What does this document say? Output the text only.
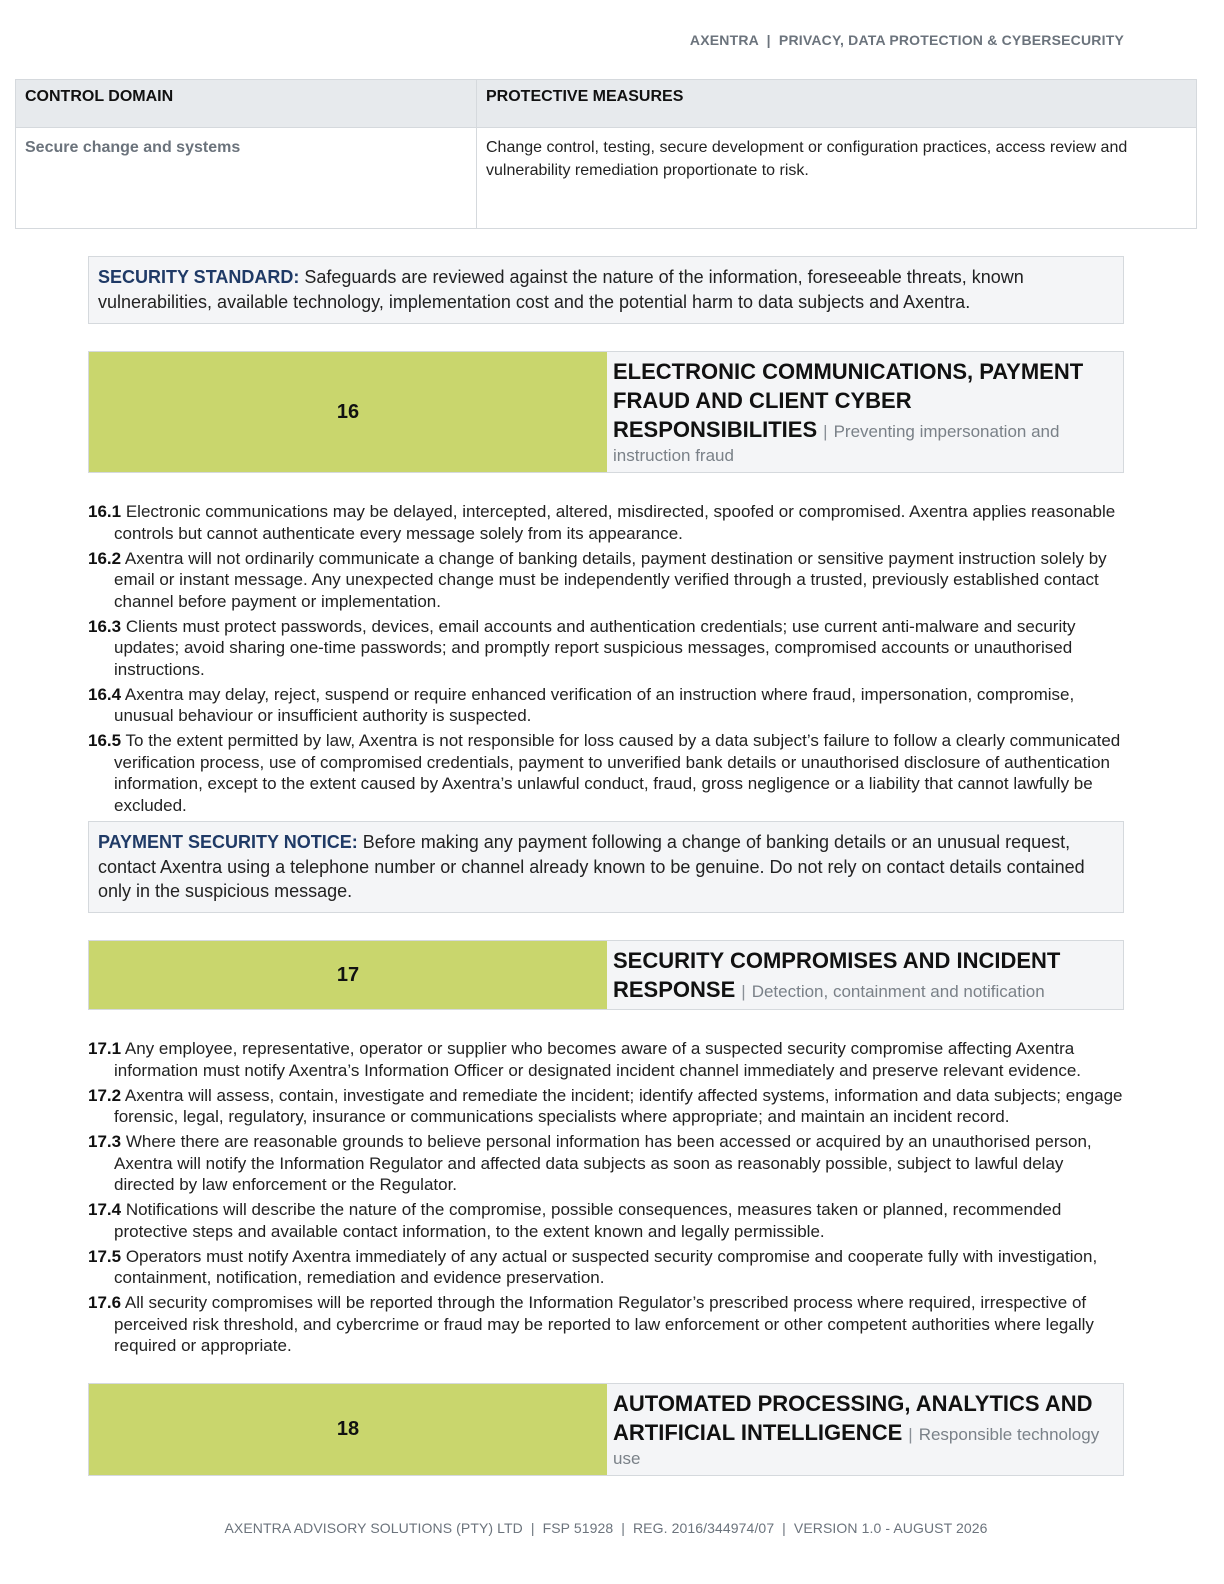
AXENTRA  |  PRIVACY, DATA PROTECTION & CYBERSECURITY
CONTROL DOMAIN	PROTECTIVE MEASURES
Secure change and systems	Change control, testing, secure development or configuration practices, access review and vulnerability remediation proportionate to risk.
SECURITY STANDARD: Safeguards are reviewed against the nature of the information, foreseeable threats, known vulnerabilities, available technology, implementation cost and the potential harm to data subjects and Axentra.
16
ELECTRONIC COMMUNICATIONS, PAYMENT FRAUD AND CLIENT CYBER RESPONSIBILITIES | Preventing impersonation and instruction fraud
16.1 Electronic communications may be delayed, intercepted, altered, misdirected, spoofed or compromised. Axentra applies reasonable controls but cannot authenticate every message solely from its appearance.
16.2 Axentra will not ordinarily communicate a change of banking details, payment destination or sensitive payment instruction solely by email or instant message. Any unexpected change must be independently verified through a trusted, previously established contact channel before payment or implementation.
16.3 Clients must protect passwords, devices, email accounts and authentication credentials; use current anti-malware and security updates; avoid sharing one-time passwords; and promptly report suspicious messages, compromised accounts or unauthorised instructions.
16.4 Axentra may delay, reject, suspend or require enhanced verification of an instruction where fraud, impersonation, compromise, unusual behaviour or insufficient authority is suspected.
16.5 To the extent permitted by law, Axentra is not responsible for loss caused by a data subject’s failure to follow a clearly communicated verification process, use of compromised credentials, payment to unverified bank details or unauthorised disclosure of authentication information, except to the extent caused by Axentra’s unlawful conduct, fraud, gross negligence or a liability that cannot lawfully be excluded.
PAYMENT SECURITY NOTICE: Before making any payment following a change of banking details or an unusual request, contact Axentra using a telephone number or channel already known to be genuine. Do not rely on contact details contained only in the suspicious message.
17
SECURITY COMPROMISES AND INCIDENT RESPONSE | Detection, containment and notification
17.1 Any employee, representative, operator or supplier who becomes aware of a suspected security compromise affecting Axentra information must notify Axentra’s Information Officer or designated incident channel immediately and preserve relevant evidence.
17.2 Axentra will assess, contain, investigate and remediate the incident; identify affected systems, information and data subjects; engage forensic, legal, regulatory, insurance or communications specialists where appropriate; and maintain an incident record.
17.3 Where there are reasonable grounds to believe personal information has been accessed or acquired by an unauthorised person, Axentra will notify the Information Regulator and affected data subjects as soon as reasonably possible, subject to lawful delay directed by law enforcement or the Regulator.
17.4 Notifications will describe the nature of the compromise, possible consequences, measures taken or planned, recommended protective steps and available contact information, to the extent known and legally permissible.
17.5 Operators must notify Axentra immediately of any actual or suspected security compromise and cooperate fully with investigation, containment, notification, remediation and evidence preservation.
17.6 All security compromises will be reported through the Information Regulator’s prescribed process where required, irrespective of perceived risk threshold, and cybercrime or fraud may be reported to law enforcement or other competent authorities where legally required or appropriate.
18
AUTOMATED PROCESSING, ANALYTICS AND ARTIFICIAL INTELLIGENCE | Responsible technology use
AXENTRA ADVISORY SOLUTIONS (PTY) LTD  |  FSP 51928  |  REG. 2016/344974/07  |  VERSION 1.0 - AUGUST 2026
